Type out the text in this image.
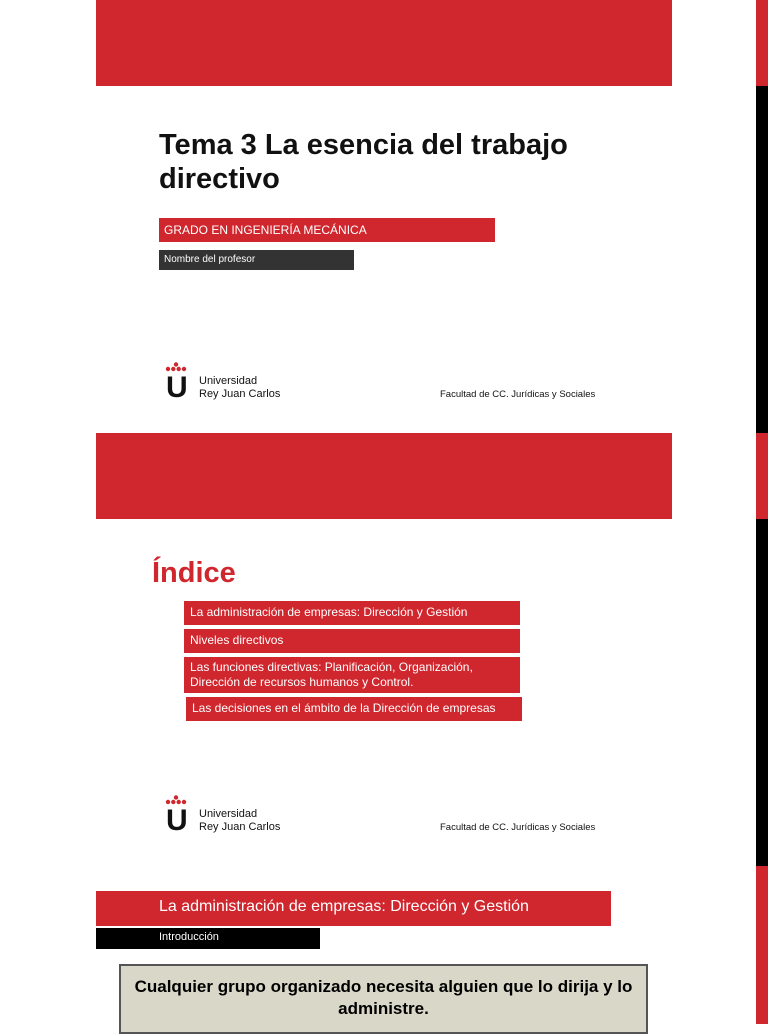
Tema 3 La esencia del trabajo directivo
GRADO EN INGENIERÍA MECÁNICA
Nombre del profesor
U Universidad
Rey Juan Carlos	Facultad de CC. Jurídicas y Sociales
Índice
La administración de empresas: Dirección y Gestión
Niveles directivos
Las funciones directivas: Planificación, Organización, Dirección de recursos humanos y Control.
Las decisiones en el ámbito de la Dirección de empresas
U Universidad
Rey Juan Carlos	Facultad de CC. Jurídicas y Sociales
La administración de empresas: Dirección y Gestión
Introducción
Cualquier grupo organizado necesita alguien que lo dirija y lo administre.
